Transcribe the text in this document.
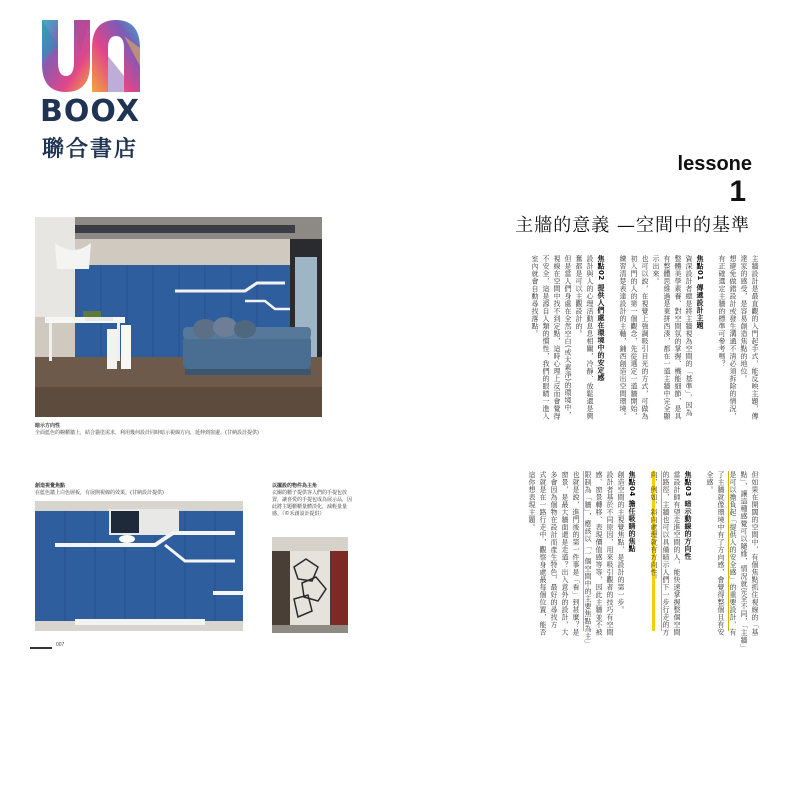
BOOX
聯合書店
lessone
1
主牆的意義 —空間中的基準
暗示方向性
全面藍色的櫥櫃牆上，結合貓塗需求，利用幾何設計同時暗示視線方向，延伸到窗邊。(甘納設計提供)
創造視覺焦點
在藍色牆上白色層板，有展開視線的效果。(甘納設計提供)
以擺設的物件為主角
玄關的櫃子提供客人們的手提包放置，讓喜愛的手提包成為展示品，因此將主題櫃櫃量體淡化，減輕量量感。（©禾創設計提供）
007
主牆設計是最直觀的入門起手式，能反映主題，傳
達家的感受，是容易創造焦點的地位。
想避免做錯設計或發生溝通不清必須拆除的情況，
有正確選定主牆的標準可參考嗎？

焦點01 傳遞設計主題
資深設計者總是將主牆視為空間的「基準」，因為
整體美學素養、對空間氛的掌握、機能細節，是具
有整體思維過是東拼西湊，都在一道主牆中完全顯
示出來。
也可以說，在視覺上強調吸引目光的方式，可做為
初入門的人的第一個觀念，先從選定一道牆開始，
練習清楚表達設計的主軸，鋪西創造出空間環境。

焦點02 提供人們處在環境中的安定感
設計與人的心理活動息息相關，冷靜、放鬆還是興
奮都是可以主觀設計的。
但是當人們身處在全然空白(或太素淨)的環境中，
視線在空間中找不到定點，這時心理上反而會覺得
不安全，這是源自人類的慣性，我們的眼睛一進入
室內就會自動尋找落點。
但如果在開闊的空間中，有個焦點抓住視線的「基
點」，讓這種感覺可以隨緣，情況就完全不同，「主牆」
是可以擔負起「提供人的安全感」的重要設計，有
了主牆就像環境中有了方向感，會覺得整個且有安
全感。

焦點03 暗示動線的方向性
當設計師有望走進空間的人，能快速掌握整個空間
的路徑，主牆也可以具備暗示人們下一步行走的方
向，例如，斜向處理就有方向性。

焦點04 擔任吸睛的焦點
創造空間的主視覺焦點，是設計的第一步。
設計者基於不同原因，用來吸引觀者的技巧有空間
感、窗景轉移、表現價值感等等，因此主牆並不被
限制為「牆」，應該以「一個空間中的主要焦點為主」
也就是說，進門後的第一件事是「看」到甚麼？是
窗景，是最大牆面還是走道？出入意外的設計，大
多會因為個物在設計而產生特色，最好的尋找方
式就是在一路行走中，觀察身處最每個位置，能否
這你想表現主題。
